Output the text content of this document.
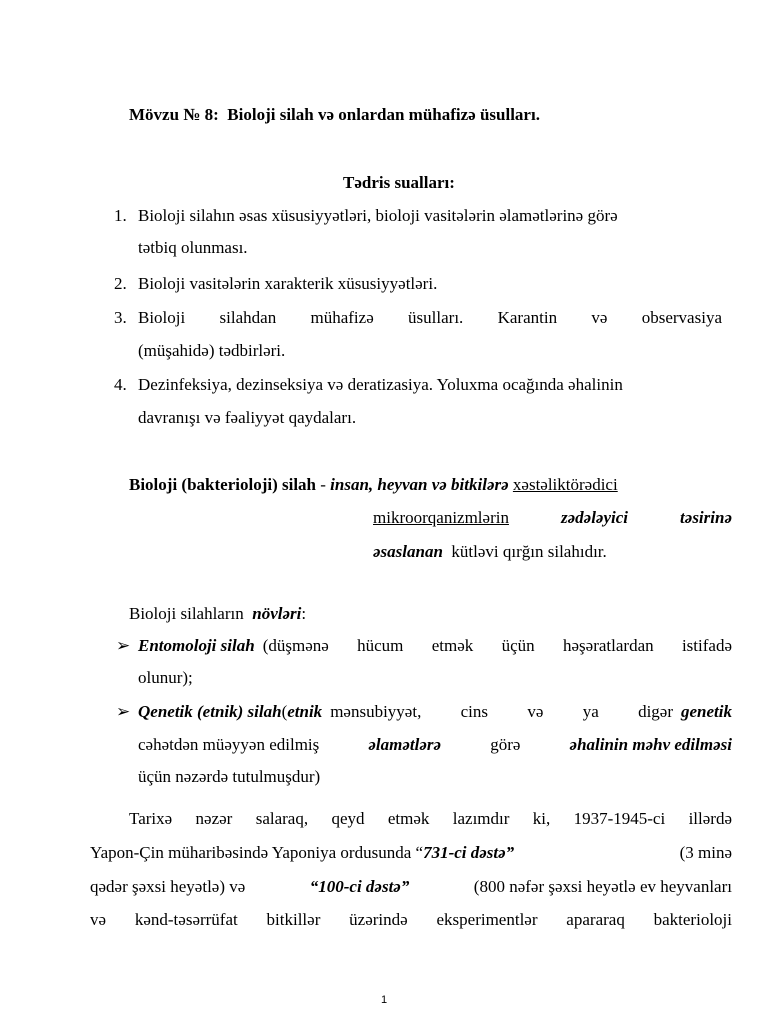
Mövzu № 8: Bioloji silah və onlardan mühafizə üsulları.
Tədris sualları:
1. Bioloji silahın əsas xüsusiyyətləri, bioloji vasitələrin əlamətlərinə görə
tətbiq olunması.
2. Bioloji vasitələrin xarakterik xüsusiyyətləri.
3. Bioloji silahdan mühafizə üsulları. Karantin və observasiya
(müşahidə) tədbirləri.
4. Dezinfeksiya, dezinseksiya və deratizasiya. Yoluxma ocağında əhalinin
davranışı və fəaliyyət qaydaları.
Bioloji (bakterioloji) silah - insan, heyvan və bitkilərə xəstəliktörədici
mikroorqanizmlərin	zədələyici	təsirinə
əsaslanan kütləvi qırğın silahıdır.
Bioloji silahların növləri:
➢ Entomoloji silah (düşmənə hücum etmək üçün həşəratlardan istifadə
olunur);
➢ Qenetik (etnik) silah (etnik mənsubiyyət, cins və ya digər genetik
cəhətdən müəyyən edilmiş	əlamətlərə	görə	əhalinin məhv edilməsi
üçün nəzərdə tutulmuşdur)
Tarixə nəzər salaraq, qeyd etmək lazımdır ki, 1937-1945-ci illərdə
Yapon-Çin müharibəsində Yaponiya ordusunda “731-ci dəstə”	(3 minə
qədər şəxsi heyətlə) və	“100-ci dəstə”	(800 nəfər şəxsi heyətlə ev heyvanları
və kənd-təsərrüfat bitkillər üzərində eksperimentlər apararaq bakterioloji
1
